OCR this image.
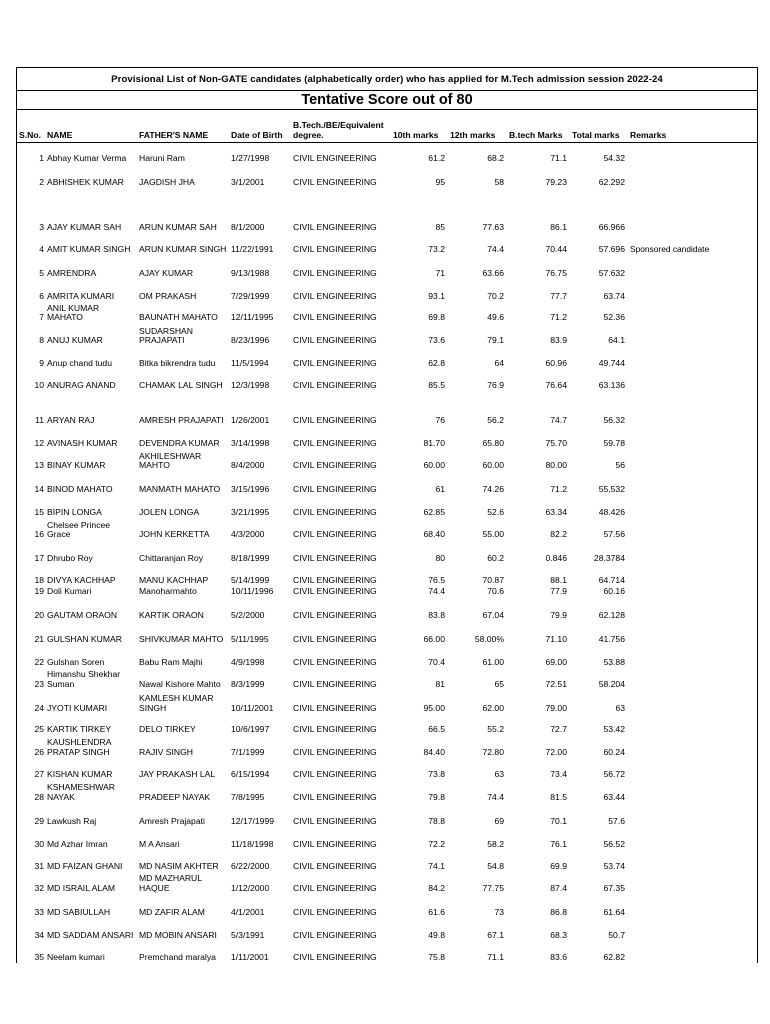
Provisional List of Non-GATE candidates (alphabetically order) who has applied for M.Tech admission session 2022-24
Tentative Score out of 80
S.No.	NAME	FATHER'S NAME	Date of Birth	B.Tech./BE/Equivalent degree.	10th marks	12th marks	B.tech Marks	Total marks	Remarks
1	Abhay Kumar Verma	Haruni Ram	1/27/1998	CIVIL ENGINEERING	61.2	68.2	71.1	54.32	
2	ABHISHEK KUMAR	JAGDISH JHA	3/1/2001	CIVIL ENGINEERING	95	58	79.23	62.292	
3	AJAY KUMAR SAH	ARUN KUMAR SAH	8/1/2000	CIVIL ENGINEERING	85	77.63	86.1	66.966	
4	AMIT KUMAR SINGH	ARUN KUMAR SINGH	11/22/1991	CIVIL ENGINEERING	73.2	74.4	70.44	57.696	Sponsored candidate
5	AMRENDRA	AJAY KUMAR	9/13/1988	CIVIL ENGINEERING	71	63.66	76.75	57.632	
6	AMRITA KUMARI	OM PRAKASH	7/29/1999	CIVIL ENGINEERING	93.1	70.2	77.7	63.74	
7	ANIL KUMAR MAHATO	BAUNATH MAHATO	12/11/1995	CIVIL ENGINEERING	69.8	49.6	71.2	52.36	
8	ANUJ KUMAR	SUDARSHAN PRAJAPATI	8/23/1996	CIVIL ENGINEERING	73.6	79.1	83.9	64.1	
9	Anup chand tudu	Bitka bikrendra tudu	11/5/1994	CIVIL ENGINEERING	62.8	64	60.96	49.744	
10	ANURAG ANAND	CHAMAK LAL SINGH	12/3/1998	CIVIL ENGINEERING	85.5	76.9	76.64	63.136	
11	ARYAN RAJ	AMRESH PRAJAPATI	1/26/2001	CIVIL ENGINEERING	76	56.2	74.7	56.32	
12	AVINASH KUMAR	DEVENDRA KUMAR	3/14/1998	CIVIL ENGINEERING	81.70	65.80	75.70	59.78	
13	BINAY KUMAR	AKHILESHWAR MAHTO	8/4/2000	CIVIL ENGINEERING	60.00	60.00	80.00	56	
14	BINOD MAHATO	MANMATH MAHATO	3/15/1996	CIVIL ENGINEERING	61	74.26	71.2	55.532	
15	BIPIN LONGA	JOLEN LONGA	3/21/1995	CIVIL ENGINEERING	62.85	52.6	63.34	48.426	
16	Chelsee Princee Grace	JOHN KERKETTA	4/3/2000	CIVIL ENGINEERING	68.40	55.00	82.2	57.56	
17	Dhrubo Roy	Chittaranjan Roy	8/18/1999	CIVIL ENGINEERING	80	60.2	0.846	28.3784	
18	DIVYA KACHHAP	MANU KACHHAP	5/14/1999	CIVIL ENGINEERING	76.5	70.87	88.1	64.714	
19	Doli Kumari	Manoharmahto	10/11/1996	CIVIL ENGINEERING	74.4	70.6	77.9	60.16	
20	GAUTAM ORAON	KARTIK ORAON	5/2/2000	CIVIL ENGINEERING	83.8	67.04	79.9	62.128	
21	GULSHAN KUMAR	SHIVKUMAR MAHTO	5/11/1995	CIVIL ENGINEERING	66.00	58.00%	71.10	41.756	
22	Gulshan Soren	Babu Ram Majhi	4/9/1998	CIVIL ENGINEERING	70.4	61.00	69.00	53.88	
23	Himanshu Shekhar Suman	Nawal Kishore Mahto	8/3/1999	CIVIL ENGINEERING	81	65	72.51	58.204	
24	JYOTI KUMARI	KAMLESH KUMAR SINGH	10/11/2001	CIVIL ENGINEERING	95.00	62.00	79.00	63	
25	KARTIK TIRKEY	DELO TIRKEY	10/6/1997	CIVIL ENGINEERING	66.5	55.2	72.7	53.42	
26	KAUSHLENDRA PRATAP SINGH	RAJIV SINGH	7/1/1999	CIVIL ENGINEERING	84.40	72.80	72.00	60.24	
27	KISHAN KUMAR	JAY PRAKASH LAL	6/15/1994	CIVIL ENGINEERING	73.8	63	73.4	56.72	
28	KSHAMESHWAR NAYAK	PRADEEP NAYAK	7/8/1995	CIVIL ENGINEERING	79.8	74.4	81.5	63.44	
29	Lawkush Raj	Amresh Prajapati	12/17/1999	CIVIL ENGINEERING	78.8	69	70.1	57.6	
30	Md Azhar Imran	M A Ansari	11/18/1998	CIVIL ENGINEERING	72.2	58.2	76.1	56.52	
31	MD FAIZAN GHANI	MD NASIM AKHTER	6/22/2000	CIVIL ENGINEERING	74.1	54.8	69.9	53.74	
32	MD ISRAIL ALAM	MD MAZHARUL HAQUE	1/12/2000	CIVIL ENGINEERING	84.2	77.75	87.4	67.35	
33	MD SABIULLAH	MD ZAFIR ALAM	4/1/2001	CIVIL ENGINEERING	61.6	73	86.8	61.64	
34	MD SADDAM ANSARI	MD MOBIN ANSARI	5/3/1991	CIVIL ENGINEERING	49.8	67.1	68.3	50.7	
35	Neelam kumari	Premchand maralya	1/11/2001	CIVIL ENGINEERING	75.8	71.1	83.6	62.82	
